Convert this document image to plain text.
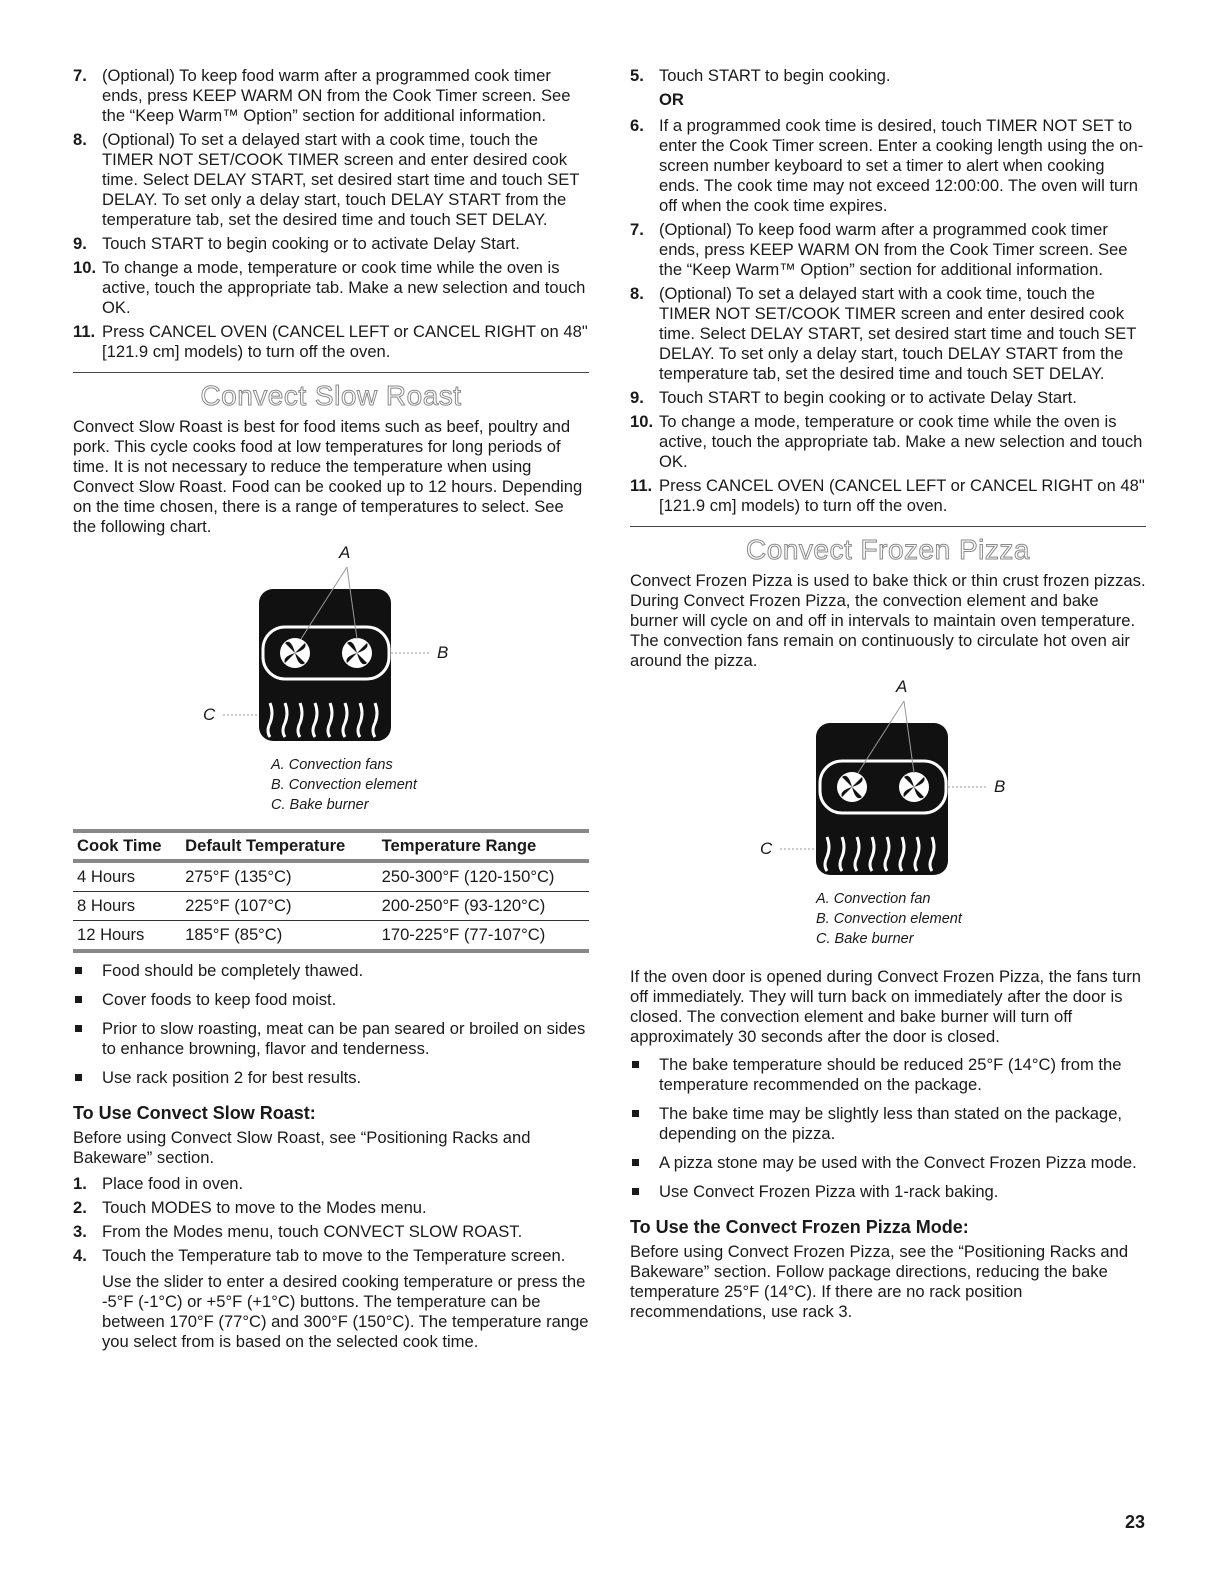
7. (Optional) To keep food warm after a programmed cook timer ends, press KEEP WARM ON from the Cook Timer screen. See the “Keep Warm™ Option” section for additional information.
8. (Optional) To set a delayed start with a cook time, touch the TIMER NOT SET/COOK TIMER screen and enter desired cook time. Select DELAY START, set desired start time and touch SET DELAY. To set only a delay start, touch DELAY START from the temperature tab, set the desired time and touch SET DELAY.
9. Touch START to begin cooking or to activate Delay Start.
10. To change a mode, temperature or cook time while the oven is active, touch the appropriate tab. Make a new selection and touch OK.
11. Press CANCEL OVEN (CANCEL LEFT or CANCEL RIGHT on 48" [121.9 cm] models) to turn off the oven.
Convect Slow Roast

Convect Slow Roast is best for food items such as beef, poultry and pork. This cycle cooks food at low temperatures for long periods of time. It is not necessary to reduce the temperature when using Convect Slow Roast. Food can be cooked up to 12 hours. Depending on the time chosen, there is a range of temperatures to select. See the following chart.

A
B
C
A. Convection fans
B. Convection element
C. Bake burner
Cook Time	Default Temperature	Temperature Range
4 Hours	275°F (135°C)	250-300°F (120-150°C)
8 Hours	225°F (107°C)	200-250°F (93-120°C)
12 Hours	185°F (85°C)	170-225°F (77-107°C)
Food should be completely thawed.
Cover foods to keep food moist.
Prior to slow roasting, meat can be pan seared or broiled on sides to enhance browning, flavor and tenderness.
Use rack position 2 for best results.
To Use Convect Slow Roast:

Before using Convect Slow Roast, see “Positioning Racks and Bakeware” section.

1. Place food in oven.
2. Touch MODES to move to the Modes menu.
3. From the Modes menu, touch CONVECT SLOW ROAST.
4. Touch the Temperature tab to move to the Temperature screen.
Use the slider to enter a desired cooking temperature or press the -5°F (-1°C) or +5°F (+1°C) buttons. The temperature can be between 170°F (77°C) and 300°F (150°C). The temperature range you select from is based on the selected cook time.
5. Touch START to begin cooking.
OR
6. If a programmed cook time is desired, touch TIMER NOT SET to enter the Cook Timer screen. Enter a cooking length using the on-screen number keyboard to set a timer to alert when cooking ends. The cook time may not exceed 12:00:00. The oven will turn off when the cook time expires.
7. (Optional) To keep food warm after a programmed cook timer ends, press KEEP WARM ON from the Cook Timer screen. See the “Keep Warm™ Option” section for additional information.
8. (Optional) To set a delayed start with a cook time, touch the TIMER NOT SET/COOK TIMER screen and enter desired cook time. Select DELAY START, set desired start time and touch SET DELAY. To set only a delay start, touch DELAY START from the temperature tab, set the desired time and touch SET DELAY.
9. Touch START to begin cooking or to activate Delay Start.
10. To change a mode, temperature or cook time while the oven is active, touch the appropriate tab. Make a new selection and touch OK.
11. Press CANCEL OVEN (CANCEL LEFT or CANCEL RIGHT on 48" [121.9 cm] models) to turn off the oven.
Convect Frozen Pizza

Convect Frozen Pizza is used to bake thick or thin crust frozen pizzas. During Convect Frozen Pizza, the convection element and bake burner will cycle on and off in intervals to maintain oven temperature. The convection fans remain on continuously to circulate hot oven air around the pizza.

A
B
C
A. Convection fan
B. Convection element
C. Bake burner

If the oven door is opened during Convect Frozen Pizza, the fans turn off immediately. They will turn back on immediately after the door is closed. The convection element and bake burner will turn off approximately 30 seconds after the door is closed.

The bake temperature should be reduced 25°F (14°C) from the temperature recommended on the package.
The bake time may be slightly less than stated on the package, depending on the pizza.
A pizza stone may be used with the Convect Frozen Pizza mode.
Use Convect Frozen Pizza with 1-rack baking.
To Use the Convect Frozen Pizza Mode:

Before using Convect Frozen Pizza, see the “Positioning Racks and Bakeware” section. Follow package directions, reducing the bake temperature 25°F (14°C). If there are no rack position recommendations, use rack 3.

23
